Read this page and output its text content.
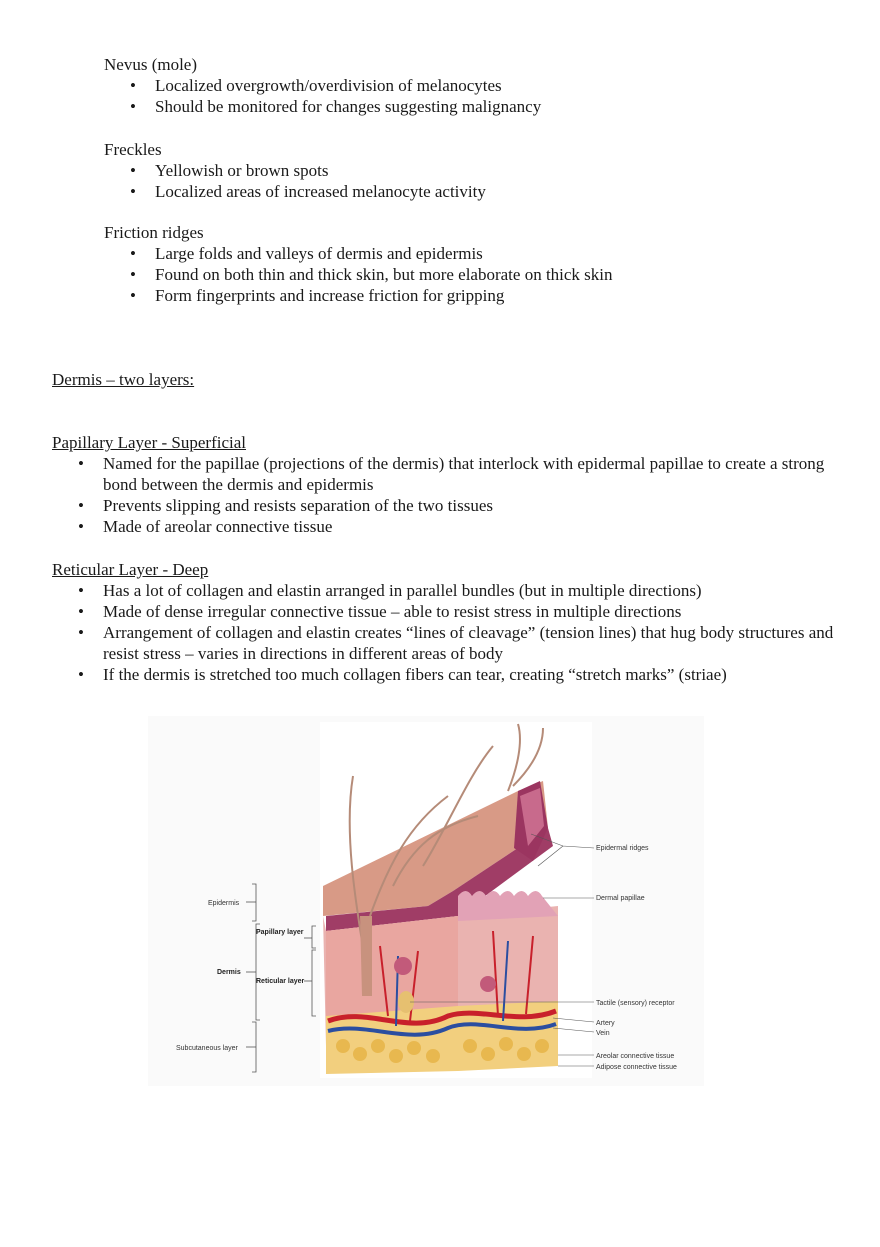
Nevus (mole)

• Localized overgrowth/overdivision of melanocytes
• Should be monitored for changes suggesting malignancy

Freckles

• Yellowish or brown spots
• Localized areas of increased melanocyte activity

Friction ridges

• Large folds and valleys of dermis and epidermis
• Found on both thin and thick skin, but more elaborate on thick skin
• Form fingerprints and increase friction for gripping

Dermis – two layers:

Papillary Layer - Superficial

• Named for the papillae (projections of the dermis) that interlock with epidermal papillae to create a strong bond between the dermis and epidermis
• Prevents slipping and resists separation of the two tissues
• Made of areolar connective tissue

Reticular Layer - Deep

• Has a lot of collagen and elastin arranged in parallel bundles (but in multiple directions)
• Made of dense irregular connective tissue – able to resist stress in multiple directions
• Arrangement of collagen and elastin creates “lines of cleavage” (tension lines) that hug body structures and resist stress – varies in directions in different areas of body
• If the dermis is stretched too much collagen fibers can tear, creating “stretch marks” (striae)
Epidermis
Papillary layer
Dermis
Reticular layer
Subcutaneous layer
Epidermal ridges
Dermal papillae
Tactile (sensory) receptor
Artery
Vein
Areolar connective tissue
Adipose connective tissue
